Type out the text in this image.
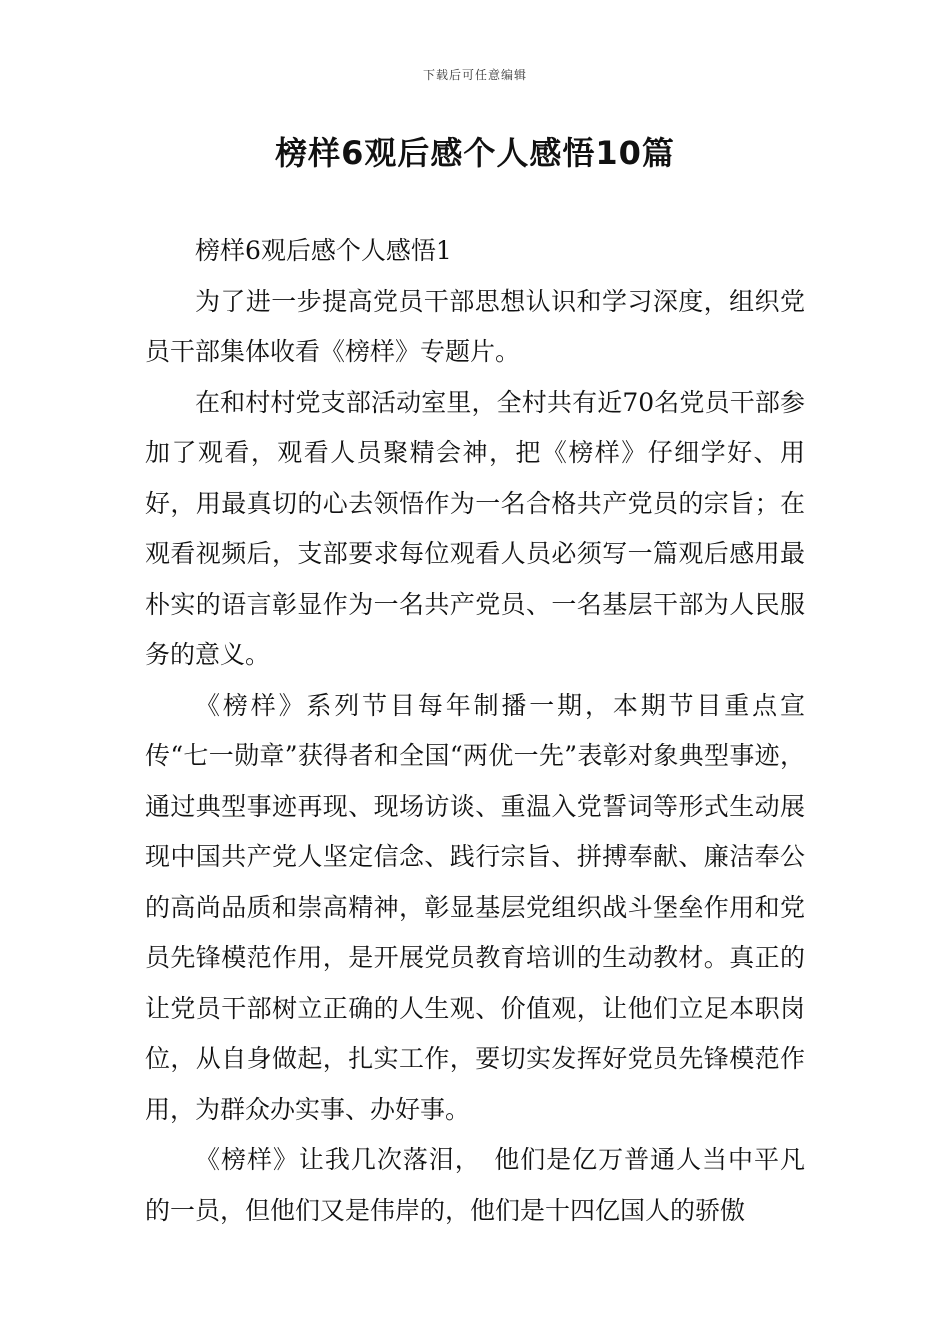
下载后可任意编辑
榜样6观后感个人感悟10篇

榜样6观后感个人感悟1

为了进一步提高党员干部思想认识和学习深度，组织党员干部集体收看《榜样》专题片。

在和村村党支部活动室里，全村共有近70名党员干部参加了观看，观看人员聚精会神，把《榜样》仔细学好、用好，用最真切的心去领悟作为一名合格共产党员的宗旨；在观看视频后，支部要求每位观看人员必须写一篇观后感用最朴实的语言彰显作为一名共产党员、一名基层干部为人民服务的意义。

《榜样》系列节目每年制播一期，本期节目重点宣传“七一勋章”获得者和全国“两优一先”表彰对象典型事迹，通过典型事迹再现、现场访谈、重温入党誓词等形式生动展现中国共产党人坚定信念、践行宗旨、拼搏奉献、廉洁奉公的高尚品质和崇高精神，彰显基层党组织战斗堡垒作用和党员先锋模范作用，是开展党员教育培训的生动教材。真正的让党员干部树立正确的人生观、价值观，让他们立足本职岗位，从自身做起，扎实工作，要切实发挥好党员先锋模范作用，为群众办实事、办好事。

《榜样》让我几次落泪，　他们是亿万普通人当中平凡的一员，但他们又是伟岸的，他们是十四亿国人的骄傲
